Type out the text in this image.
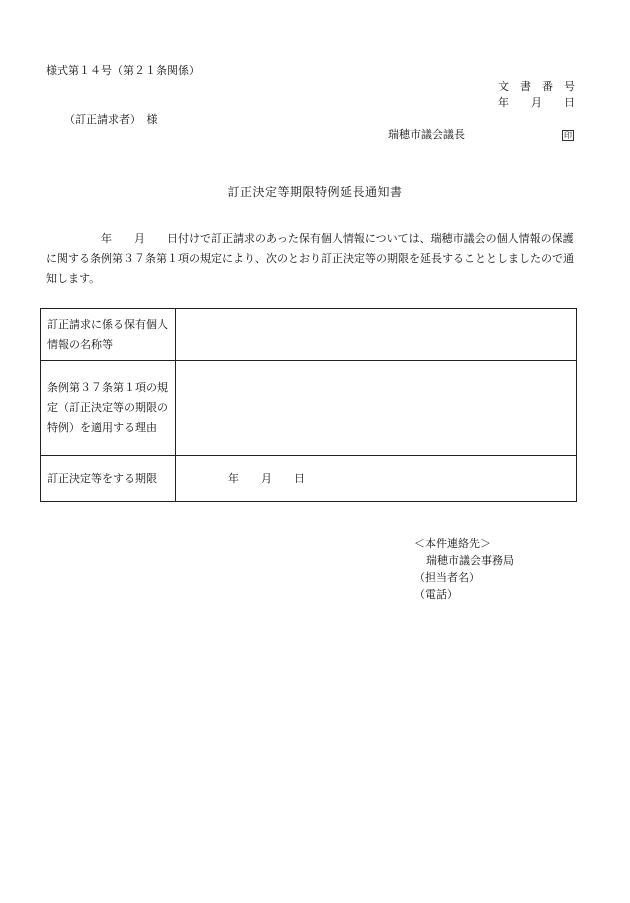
様式第１４号（第２１条関係）
文　書　番　号
年　　月　　日
（訂正請求者）　様
瑞穂市議会議長	印
訂正決定等期限特例延長通知書
　　　　　年　　月　　日付けで訂正請求のあった保有個人情報については、瑞穂市議会の個人情報の保護に関する条例第３７条第１項の規定により、次のとおり訂正決定等の期限を延長することとしましたので通知します。
訂正請求に係る保有個人情報の名称等	
条例第３７条第１項の規定（訂正決定等の期限の特例）を適用する理由	
訂正決定等をする期限	年　　月　　日
＜本件連絡先＞
瑞穂市議会事務局
（担当者名）
（電話）
